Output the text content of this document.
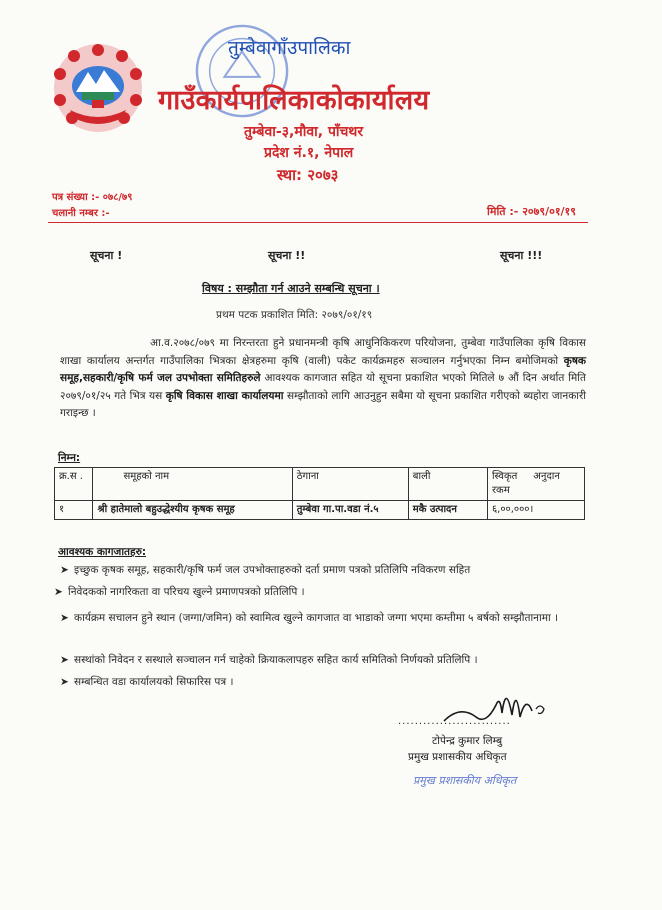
तुम्बेवागाँउपालिका
गाउँकार्यपालिकाकोकार्यालय
तुम्बेवा-३,मौवा, पाँचथर
प्रदेश नं.१, नेपाल
स्था: २०७३
पत्र संख्या :- ०७८/७९
चलानी नम्बर :-	मिति :- २०७९/०१/१९
सूचना !	सूचना !!	सूचना !!!
विषय : सम्झौता गर्न आउने सम्बन्धि सूचना ।
प्रथम पटक प्रकाशित मिति: २०७९/०१/१९
आ.व.२०७८/०७९ मा निरन्तरता हुने प्रधानमन्त्री कृषि आधुनिकिकरण परियोजना, तुम्बेवा गाउँपालिका कृषि विकास शाखा कार्यालय अन्तर्गत गाउँपालिका भित्रका क्षेत्रहरुमा कृषि (वाली) पकेट कार्यक्रमहरु सञ्चालन गर्नुभएका निम्न बमोजिमको कृषक समूह,सहकारी/कृषि फर्म जल उपभोक्ता समितिहरुले आवश्यक कागजात सहित यो सूचना प्रकाशित भएको मितिले ७ औं दिन अर्थात मिति २०७९/०१/२५ गते भित्र यस कृषि विकास शाखा कार्यालयमा सम्झौताको लागि आउनुहुन सबैमा यो सूचना प्रकाशित गरीएको ब्यहोरा जानकारी गराइन्छ ।
निम्न:
क्र.स .	समूहको नाम	ठेगाना	बाली	स्विकृत     अनुदान रकम
१	श्री हातेमालो बहुउद्धेश्यीय कृषक समूह	तुम्बेवा गा.पा.वडा नं.५	मकै उत्पादन	६,००,०००।
आवश्यक कागजातहरु:
➤ इच्छुक कृषक समूह, सहकारी/कृषि फर्म जल उपभोक्ताहरुको दर्ता प्रमाण पत्रको प्रतिलिपि नविकरण सहित
➤ निवेदकको नागरिकता वा परिचय खुल्ने प्रमाणपत्रको प्रतिलिपि ।
➤ कार्यक्रम सचालन हुने स्थान (जग्गा/जमिन) को स्वामित्व खुल्ने कागजात वा भाडाको जग्गा भएमा कम्तीमा ५ बर्षको सम्झौतानामा ।
➤ सस्थांको निवेदन र सस्थाले सञ्चालन गर्न चाहेको क्रियाकलापहरु सहित कार्य समितिको निर्णयको प्रतिलिपि ।
➤ सम्बन्धित वडा कार्यालयको सिफारिस पत्र ।
...........................
टोपेन्द्र कुमार लिम्बु
प्रमुख प्रशासकीय अधिकृत
प्रमुख प्रशासकीय अधिकृत
